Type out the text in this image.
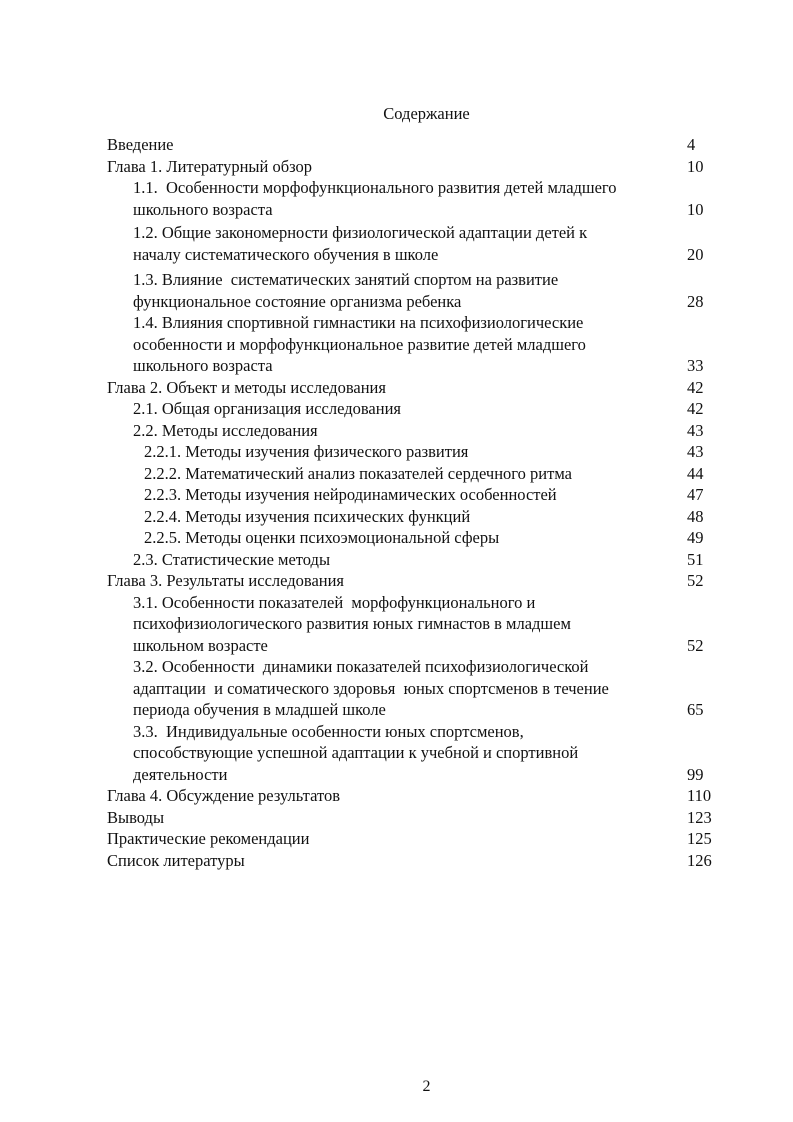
Содержание
Введение	4
Глава 1. Литературный обзор	10
1.1.  Особенности морфофункционального развития детей младшего
школьного возраста	10
1.2. Общие закономерности физиологической адаптации детей к
началу систематического обучения в школе	20
1.3. Влияние  систематических занятий спортом на развитие
функциональное состояние организма ребенка	28
1.4. Влияния спортивной гимнастики на психофизиологические
особенности и морфофункциональное развитие детей младшего
школьного возраста	33
Глава 2. Объект и методы исследования	42
2.1. Общая организация исследования	42
2.2. Методы исследования	43
2.2.1. Методы изучения физического развития	43
2.2.2. Математический анализ показателей сердечного ритма	44
2.2.3. Методы изучения нейродинамических особенностей	47
2.2.4. Методы изучения психических функций	48
2.2.5. Методы оценки психоэмоциональной сферы	49
2.3. Статистические методы	51
Глава 3. Результаты исследования	52
3.1. Особенности показателей  морфофункционального и
психофизиологического развития юных гимнастов в младшем
школьном возрасте	52
3.2. Особенности  динамики показателей психофизиологической
адаптации  и соматического здоровья  юных спортсменов в течение
периода обучения в младшей школе	65
3.3.  Индивидуальные особенности юных спортсменов,
способствующие успешной адаптации к учебной и спортивной
деятельности	99
Глава 4. Обсуждение результатов	110
Выводы	123
Практические рекомендации	125
Список литературы	126
2
